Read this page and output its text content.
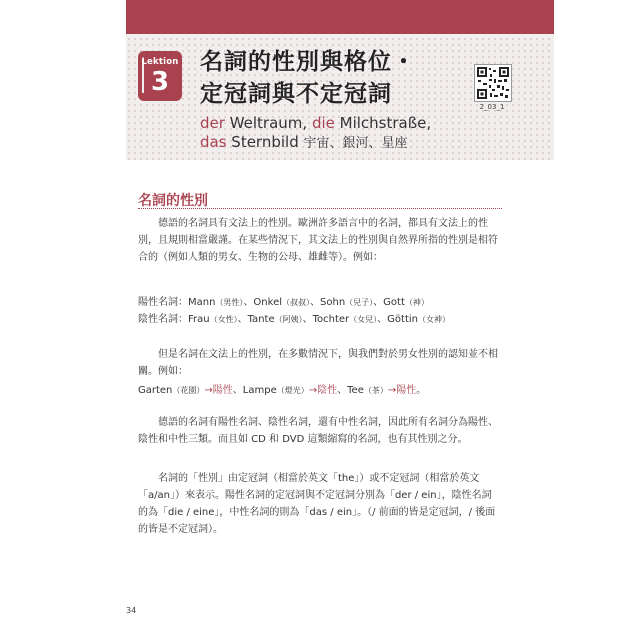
Lektion
3
名詞的性別與格位・
定冠詞與不定冠詞
der Weltraum, die Milchstraße,
das Sternbild 宇宙、銀河、星座
2_03_1
名詞的性別
德語的名詞具有文法上的性別。歐洲許多語言中的名詞，都具有文法上的性別，且規則相當嚴謹。在某些情況下，其文法上的性別與自然界所指的性別是相符合的（例如人類的男女、生物的公母、雄雌等）。例如：
陽性名詞：Mann（男性）、Onkel（叔叔）、Sohn（兒子）、Gott（神）
陰性名詞：Frau（女性）、Tante（阿姨）、Tochter（女兒）、Göttin（女神）
但是名詞在文法上的性別，在多數情況下，與我們對於男女性別的認知並不相關。例如：
Garten（花園）→陽性、Lampe（燈光）→陰性、Tee（茶）→陽性。
德語的名詞有陽性名詞、陰性名詞，還有中性名詞，因此所有名詞分為陽性、陰性和中性三類。而且如 CD 和 DVD 這類縮寫的名詞，也有其性別之分。
名詞的「性別」由定冠詞（相當於英文「the」）或不定冠詞（相當於英文「a/an」）來表示。陽性名詞的定冠詞與不定冠詞分別為「der / ein」，陰性名詞的為「die / eine」，中性名詞的則為「das / ein」。（/ 前面的皆是定冠詞，/ 後面的皆是不定冠詞）。
34
